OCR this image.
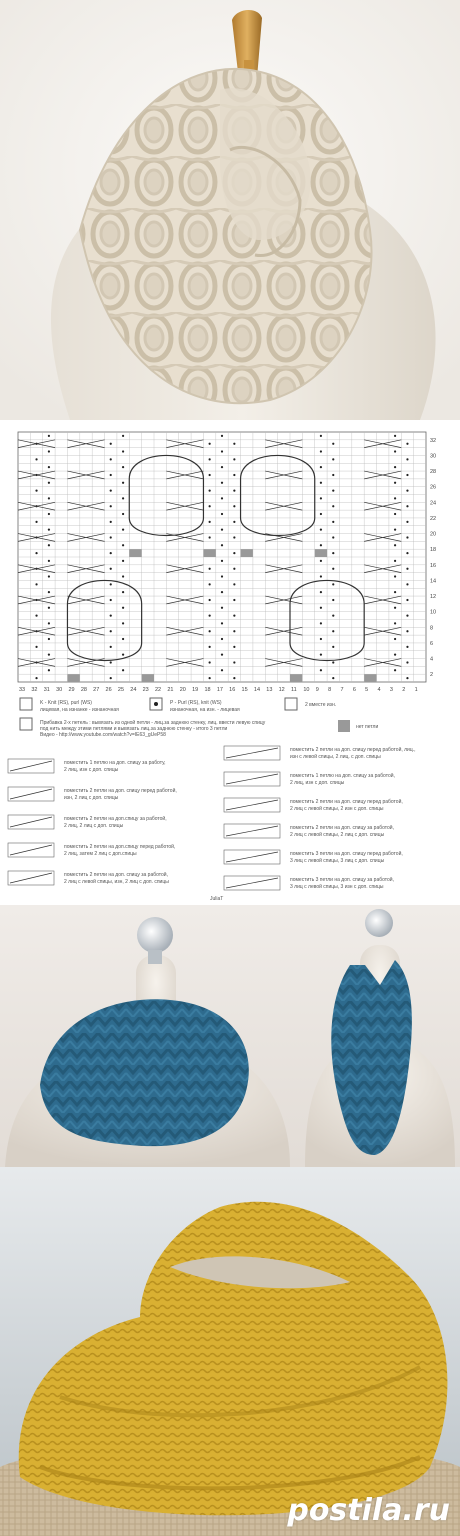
32
30
28
26
24
22
20
18
16
14
12
10
8
6
4
2
33 32 31 30 29 28 27 26 25 24 23 22 21 20 19 18 17 16 15 14 13 12 11 10 9 8 7 6 5 4 3 2 1
K - Knit (RS), purl (WS)
лицевая, на изнанке - изнаночная
P - Purl (RS), knit (WS)
изнаночная, на изн. - лицевая
2 вместе изн.
нет петли
Прибавка 2-х петель : вывязать из одной петли - лиц.за заднюю стенку, лиц. ввести левую спицу
под нить между этими петлями и вывязать лиц.за заднюю стенку - итого 3 петли
Видео - http://www.youtube.com/watch?v=IE63_gUeP58
поместить 1 петлю на доп. спицу за работу,
2 лиц, изн с доп. спицы
поместить 2 петли на доп. спицу перед работой,
изн, 2 лиц с доп. спицы
поместить 2 петли на доп.спицу за работой,
2 лиц, 2 лиц с доп. спицы
поместить 2 петли на доп.спицу перед работой,
2 лиц, затем 2 лиц с доп.спицы
поместить 2 петли на доп. спицу за работой,
2 лиц с левой спицы, изн, 2 лиц с доп. спицы
поместить 2 петли на доп. спицу перед работой, лиц.,
изн с левой спицы, 2 лиц. с доп. спицы
поместить 1 петлю на доп. спицу за работой,
2 лиц, изн с доп. спицы
поместить 2 петли на доп. спицу перед работой,
2 лиц с левой спицы, 2 изн с доп. спицы
поместить 2 петли на доп. спицу за работой,
2 лиц с левой спицы, 2 лиц с доп. спицы
поместить 3 петли на доп. спицу перед работой,
3 лиц с левой спицы, 3 лиц с доп. спицы
поместить 3 петли на доп. спицу за работой,
3 лиц с левой спицы, 3 изн с доп. спицы
JuliaT
postila.ru
